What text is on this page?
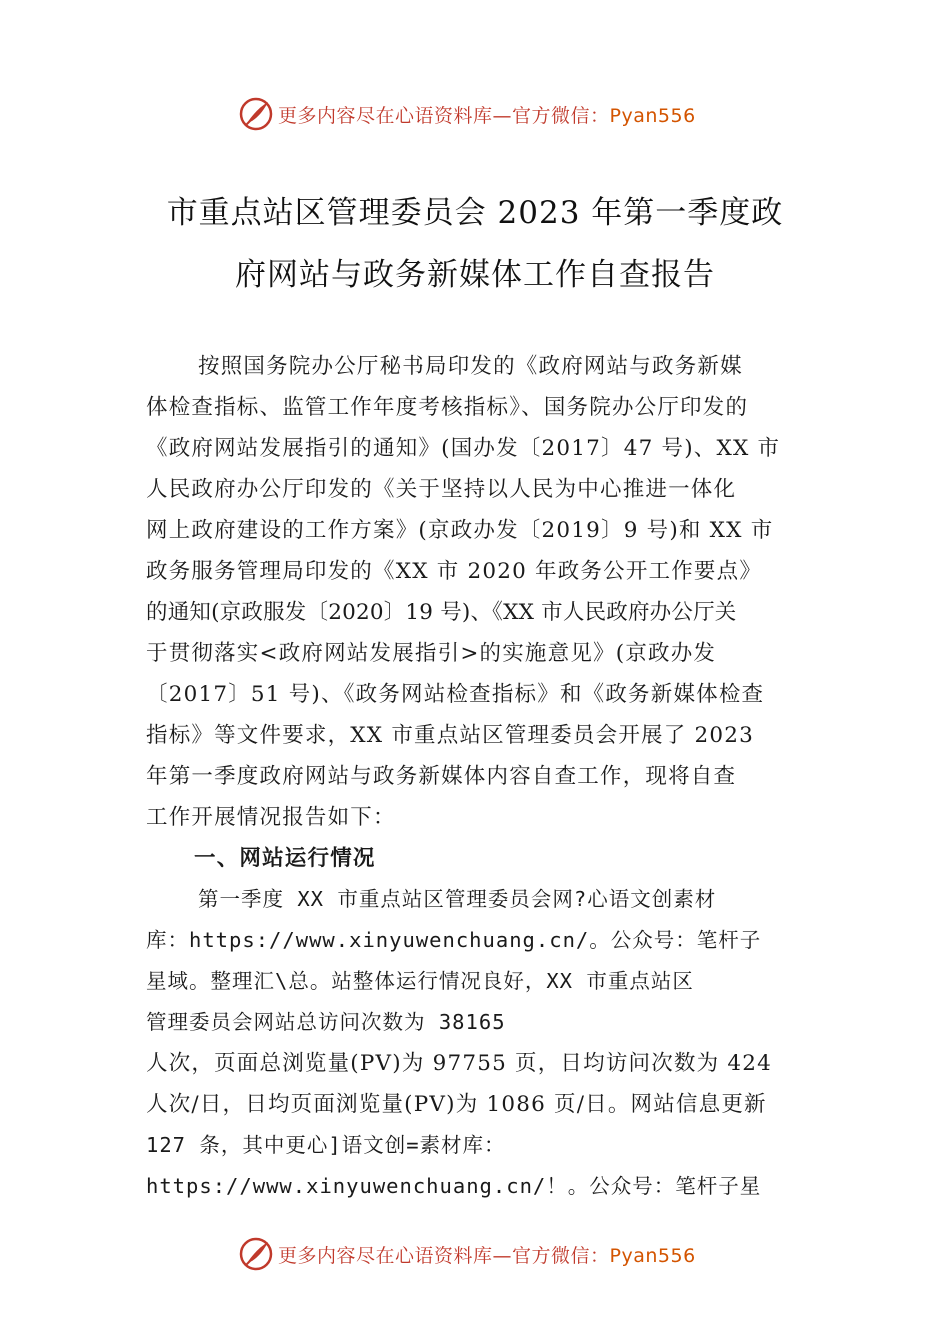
更多内容尽在心语资料库—官方微信：Pyan556
市重点站区管理委员会 2023 年第一季度政
府网站与政务新媒体工作自查报告
按照国务院办公厅秘书局印发的《政府网站与政务新媒
体检查指标、监管工作年度考核指标》、国务院办公厅印发的
《政府网站发展指引的通知》(国办发〔2017〕47 号)、XX 市
人民政府办公厅印发的《关于坚持以人民为中心推进一体化
网上政府建设的工作方案》(京政办发〔2019〕9 号)和 XX 市
政务服务管理局印发的《XX 市 2020 年政务公开工作要点》
的通知(京政服发〔2020〕19 号)、《XX 市人民政府办公厅关
于贯彻落实<政府网站发展指引>的实施意见》(京政办发
〔2017〕51 号)、《政务网站检查指标》和《政务新媒体检查
指标》等文件要求，XX 市重点站区管理委员会开展了 2023
年第一季度政府网站与政务新媒体内容自查工作，现将自查
工作开展情况报告如下：
一、网站运行情况
第一季度 XX 市重点站区管理委员会网?心语文创素材
库：https://www.xinyuwenchuang.cn/。公众号：笔杆子
星域。整理汇\总。站整体运行情况良好，XX 市重点站区
管理委员会网站总访问次数为 38165
人次，页面总浏览量(PV)为 97755 页，日均访问次数为 424
人次/日，日均页面浏览量(PV)为 1086 页/日。网站信息更新
127 条，其中更心]语文创=素材库：
https://www.xinyuwenchuang.cn/！。公众号：笔杆子星
更多内容尽在心语资料库—官方微信：Pyan556
